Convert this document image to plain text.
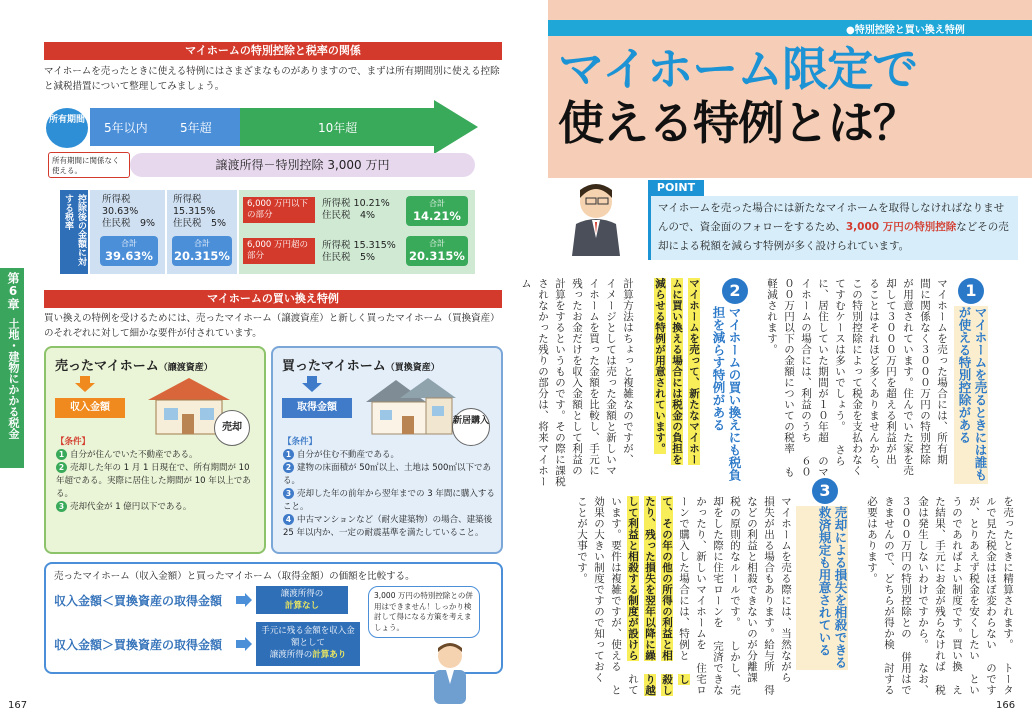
第6章
土地・建物にかかる税金
マイホームの特別控除と税率の関係
マイホームを売ったときに使える特例にはさまざまなものがありますので、まずは所有期間別に使える控除と減税措置について整理してみましょう。
所有期間
5年以内	5年超	10年超
所有期間に関係なく使える。	譲渡所得－特別控除 3,000 万円
控除後の金額に対する税率	所得税
30.63%
住民税　9%
合計
39.63%
所得税
15.315%
住民税　5%
合計
20.315%
6,000 万円以下の部分
所得税 10.21%
住民税　4%
合計
14.21%
6,000 万円超の部分
所得税 15.315%
住民税　5%
合計
20.315%
マイホームの買い換え特例
買い換えの特例を受けるためには、売ったマイホーム（譲渡資産）と新しく買ったマイホーム（買換資産）のそれぞれに対して細かな要件が付されています。
売ったマイホーム（譲渡資産）
収入金額
売却
【条件】
1 自分が住んでいた不動産である。
2 売却した年の 1 月 1 日現在で、所有期間が 10 年超である。実際に居住した期間が 10 年以上である。
3 売却代金が 1 億円以下である。
買ったマイホーム（買換資産）
取得金額
新居購入
【条件】
1 自分が住む不動産である。
2 建物の床面積が 50㎡以上、土地は 500㎡以下である。
3 売却した年の前年から翌年までの 3 年間に購入すること。
4 中古マンションなど（耐火建築物）の場合、建築後 25 年以内か、一定の耐震基準を満たしていること。
売ったマイホーム（収入金額）と買ったマイホーム（取得金額）の価額を比較する。
収入金額＜買換資産の取得金額	譲渡所得の
計算なし
収入金額＞買換資産の取得金額
手元に残る金額を収入金額として
譲渡所得の計算あり
3,000 万円の特別控除との併用はできません！しっかり検討して得になる方策を考えましょう。
167
●特別控除と買い換え特例
マイホーム限定で
使える特例とは？
POINT
マイホームを売った場合には新たなマイホームを取得しなければなりませんので、資金面のフォローをするため、3,000 万円の特別控除などその売却による税額を減らす特例が多く設けられています。
1
マイホームを売るときには誰もが使える特別控除がある
マイホームを売った場合には、所有期 間に関係なく３０００万円の特別控除 が用意されています。住んでいた家を売 却して３０００万円を超える利益が出 ることはそれほど多くありませんから、 この特別控除によって税金を支払わなく てすむケースは多いでしょう。 さらに、居住していた期間が１０年超 のマイホームの場合には、利益のうち ６０００万円以下の金額についての税率 も軽減されます。
2
マイホームの買い換えにも税負担を減らす特例がある
マイホームを売って、新たなマイホー ムに買い換える場合には税金の負担を 減らせる特例が用意されています。
計算方法はちょっと複雑なのですが、 イメージとしては売った金額と新しいマ イホームを買った金額を比較し、手元に 残ったお金だけを収入金額として利益の 計算をするというものです。その際に課税 されなかった残りの部分は、将来マイホーム
を売ったときに精算されます。 トータルで見た税金はほぼ変わらない のですが、とりあえず税金を安くしたい というのであればよい制度です。買い換 えた結果、手元にお金が残らなければ 税金は発生しないわけですから。 なお、３０００万円の特別控除との 併用はできませんので、どちらが得か検 討する必要はあります。
3
売却による損失を相殺できる救済規定も用意されている
マイホームを売る際には、当然ながら 損失が出る場合もあります。給与所 得などの利益と相殺できないのが分離課 税の原則的なルールです。 しかし、売却をした際に住宅ローンを 完済できなかったり、新しいマイホームを 住宅ローンで購入した場合には、特例と して、その年の他の所得の利益と相 殺したり、残った損失を翌年以降に繰 り越して利益と相殺する制度が設けら れています。要件は複雑ですが、使える と効果の大きい制度ですので知っておく ことが大事です。
166
